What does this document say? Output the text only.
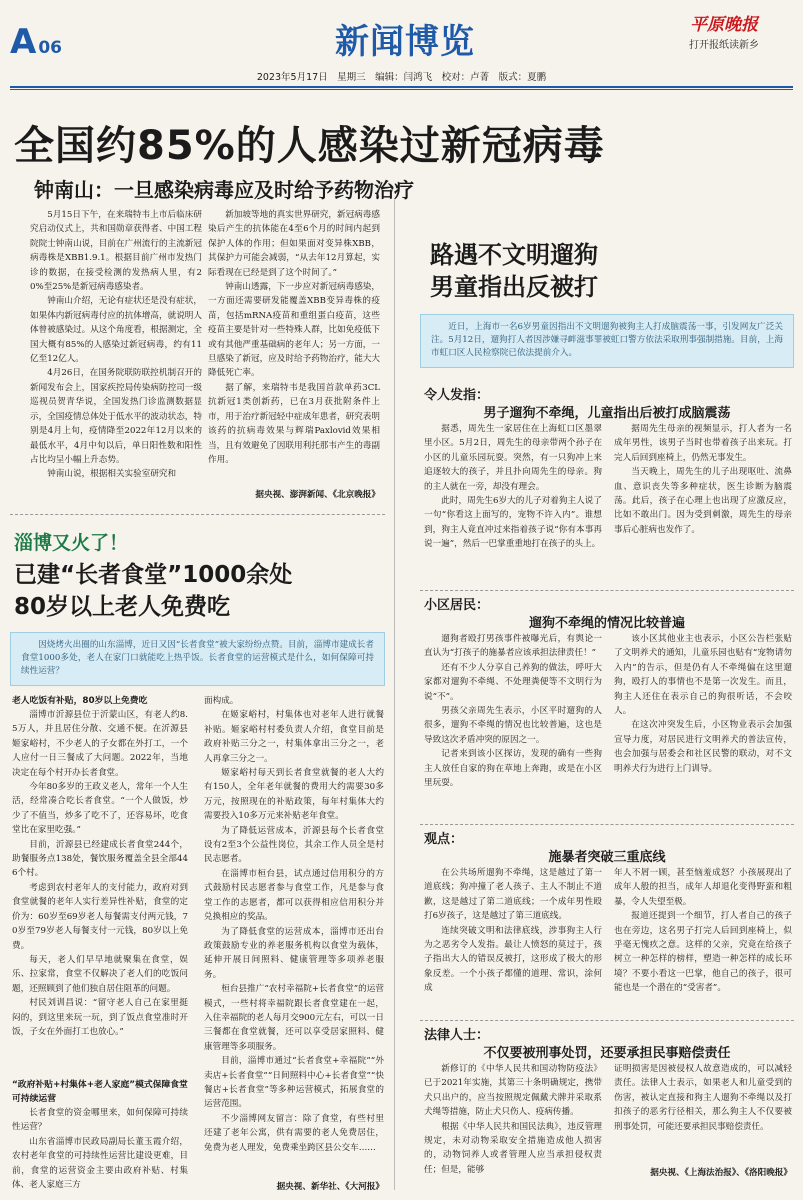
A 06	新闻博览	平原晚报
打开报纸读新乡
2023年5月17日　星期三　编辑：闫鸿飞　校对：卢菁　版式：夏鹏
全国约85%的人感染过新冠病毒
钟南山：一旦感染病毒应及时给予药物治疗

5月15日下午，在来瑞特韦上市后临床研究启动仪式上，共和国勋章获得者、中国工程院院士钟南山说，目前在广州流行的主流新冠病毒株是XBB1.9.1。根据目前广州市发热门诊的数据，在接受检测的发热病人里，有20%至25%是新冠病毒感染者。

钟南山介绍，无论有症状还是没有症状，如果体内新冠病毒付应的抗体增高，就说明人体曾被感染过。从这个角度看，根据测定，全国大概有85%的人感染过新冠病毒，约有11亿至12亿人。

4月26日，在国务院联防联控机制召开的新闻发布会上，国家疾控局传染病防控司一级巡视员贺青华说，全国发热门诊监测数据显示，全国疫情总体处于低水平的波动状态，特别是4月上旬，疫情降至2022年12月以来的最低水平，4月中旬以后，单日阳性数和阳性占比均呈小幅上升态势。

钟南山说，根据相关实验室研究和

新加坡等地的真实世界研究，新冠病毒感染后产生的抗体能在4至6个月的时间内起到保护人体的作用；但如果面对变异株XBB，其保护力可能会减弱，“从去年12月算起，实际看现在已经是到了这个时间了。”

钟南山透露，下一步应对新冠病毒感染，一方面还需要研发能覆盖XBB变异毒株的疫苗，包括mRNA疫苗和重组蛋白疫苗，这些疫苗主要是针对一些特殊人群，比如免疫低下或有其他严重基础病的老年人；另一方面，一旦感染了新冠，应及时给予药物治疗，能大大降低死亡率。

据了解，来瑞特韦是我国首款单药3CL抗新冠1类创新药，已在3月获批附条件上市，用于治疗新冠轻中症成年患者，研究表明该药的抗病毒效果与辉瑞Paxlovid效果相当，且有效避免了因联用利托那韦产生的毒副作用。

据央视、澎湃新闻、《北京晚报》
淄博又火了！
已建“长者食堂”1000余处
80岁以上老人免费吃
因烧烤火出圈的山东淄博，近日又因“长者食堂”被大家纷纷点赞。目前，淄博市建成长者食堂1000多处，老人在家门口就能吃上热乎饭。长者食堂的运营模式是什么，如何保障可持续性运营？
老人吃饭有补贴，80岁以上免费吃

淄博市沂源县位于沂蒙山区，有老人约8.5万人，并且居住分散、交通不便。在沂源县姬家峪村，不少老人的子女都在外打工，一个人应付一日三餐成了大问题。2022年，当地决定在每个村开办长者食堂。

今年80多岁的王政义老人，常年一个人生活，经常凑合吃长者食堂。“一个人做饭，炒少了不值当，炒多了吃不了，还容易坏，吃食堂比在家里吃强。”

目前，沂源县已经建成长者食堂244个，助餐服务点138处，餐饮服务覆盖全县全部446个村。

考虑到农村老年人的支付能力，政府对到食堂就餐的老年人实行差异性补贴，食堂的定价为：60岁至69岁老人每餐需支付两元钱，70岁至79岁老人每餐支付一元钱，80岁以上免费。

每天，老人们早早地就聚集在食堂，娱乐、拉家常，食堂不仅解决了老人们的吃饭问题，还照顾到了他们独自居住阻革的问题。

村民刘训昌说：“留守老人自己在家里挺闷的，到这里来玩一玩，到了饭点食堂准时开饭，子女在外面打工也放心。”

“政府补贴+村集体+老人家庭”模式保障食堂可持续运营

长者食堂的资金哪里来，如何保障可持续性运营？

山东省淄博市民政局副局长董玉霞介绍，农村老年食堂的可持续性运营比建设更难，目前，食堂的运营资金主要由政府补贴、村集体、老人家庭三方

面构成。

在姬家峪村，村集体也对老年人进行就餐补贴。姬家峪村村委负责人介绍，食堂目前是政府补贴三分之一，村集体拿出三分之一，老人再拿三分之一。

姬家峪村每天到长者食堂就餐的老人大约有150人，全年老年就餐的费用大约需要30多万元，按照现在的补贴政策，每年村集体大约需要投入10多万元来补贴老年食堂。

为了降低运营成本，沂源县每个长者食堂设有2至3个公益性岗位，其余工作人员全是村民志愿者。

在淄博市桓台县，试点通过信用积分的方式鼓励村民志愿者参与食堂工作，凡是参与食堂工作的志愿者，都可以获得相应信用积分并兑换相应的奖品。

为了降低食堂的运营成本，淄博市还出台政策鼓励专业的养老服务机构以食堂为载体，延伸开展日间照料、健康管理等多项养老服务。

桓台县推广“农村幸福院+长者食堂”的运营模式，一些村将幸福院跟长者食堂建在一起，入住幸福院的老人每月交900元左右，可以一日三餐都在食堂就餐，还可以享受居家照料、健康管理等多项服务。

目前，淄博市通过“长者食堂+幸福院”“外卖店+长者食堂”“日间照料中心+长者食堂”“快餐店+长者食堂”等多种运营模式，拓展食堂的运营范围。

不少淄博网友留言：除了食堂，有些村里还建了老年公寓，供有需要的老人免费居住，免费为老人理发，免费乘坐跨区县公交车……

据央视、新华社、《大河报》
路遇不文明遛狗
男童指出反被打
近日，上海市一名6岁男童因指出不文明遛狗被狗主人打成脑震荡一事，引发网友广泛关注。5月12日，遛狗打人者因涉嫌寻衅滋事罪被虹口警方依法采取刑事强制措施。目前，上海市虹口区人民检察院已依法提前介入。
令人发指：
男子遛狗不牵绳，儿童指出后被打成脑震荡

据悉，周先生一家居住在上海虹口区墨翠里小区。5月2日，周先生的母亲带两个孙子在小区的儿童乐园玩耍。突然，有一只狗冲上来追逐较大的孩子，并且扑向周先生的母亲。狗的主人就在一旁，却没有理会。

此时，周先生6岁大的儿子对着狗主人说了一句“你看这上面写的，宠物不许入内”。谁想到，狗主人竟直冲过来指着孩子说“你有本事再说一遍”，然后一巴掌重重地打在孩子的头上。

据周先生母亲的视频显示，打人者为一名成年男性，该男子当时也带着孩子出来玩。打完人后回到座椅上，仍然无事发生。

当天晚上，周先生的儿子出现呕吐、流鼻血、意识丧失等多种症状，医生诊断为脑震荡。此后，孩子在心理上也出现了应激反应，比如不敢出门。因为受到刺激，周先生的母亲事后心脏病也发作了。

小区居民：
遛狗不牵绳的情况比较普遍

遛狗者殴打男孩事件被曝光后，有舆论一直认为“打孩子的施暴者应该承担法律责任！”

还有不少人分享自己养狗的做法，呼吁大家都对遛狗不牵绳、不处理粪便等不文明行为说“不”。

男孩父亲周先生表示，小区平时遛狗的人很多，遛狗不牵绳的情况也比较普遍，这也是导致这次矛盾冲突的原因之一。

记者来到该小区探访，发现的确有一些狗主人放任自家的狗在草地上奔跑，或是在小区里玩耍。

该小区其他业主也表示，小区公告栏张贴了文明养犬的通知，儿童乐园也贴有“宠物请勿入内”的告示，但是仍有人不牵绳偏在这里遛狗，殴打人的事情也不是第一次发生。而且，狗主人还住在表示自己的狗很听话，不会咬人。

在这次冲突发生后，小区物业表示会加强宣导力度，对居民进行文明养犬的普法宣传，也会加强与居委会和社区民警的联动，对不文明养犬行为进行上门训导。

观点：
施暴者突破三重底线

在公共场所遛狗不牵绳，这是越过了第一道底线；狗冲撞了老人孩子、主人不制止不道歉，这是越过了第二道底线；一个成年男性殴打6岁孩子，这是越过了第三道底线。

连续突破文明和法律底线，涉事狗主人行为之恶劣令人发指。最让人愤怒的莫过于，孩子指出大人的错误反被打，这形成了极大的形象反差。一个小孩子都懂的道理、常识，涂何成

年人不屑一顾，甚至恼羞成怒？小孩展现出了成年人般的担当，成年人却退化变得野蛮和粗暴，令人失望至极。

报道还提到一个细节，打人者自己的孩子也在旁边，这名男子打完人后回到座椅上，似乎毫无愧疚之意。这样的父亲，究竟在给孩子树立一种怎样的榜样，塑造一种怎样的成长环境？不要小看这一巴掌，他自己的孩子，很可能也是一个潜在的“受害者”。

法律人士：
不仅要被刑事处罚，还要承担民事赔偿责任

新修订的《中华人民共和国动物防疫法》已于2021年实施，其第三十条明确规定，携带犬只出户的，应当按照规定佩戴犬牌并采取系犬绳等措施，防止犬只伤人、疫病传播。

根据《中华人民共和国民法典》，违反管理规定，未对动物采取安全措施造成他人损害的，动物饲养人或者管理人应当承担侵权责任；但是，能够

证明损害是因被侵权人故意造成的，可以减轻责任。法律人士表示，如果老人和儿童受到的伤害，被认定直接和狗主人遛狗不牵绳以及打扣孩子的恶劣行径相关，那么狗主人不仅要被刑事处罚，可能还要承担民事赔偿责任。

据央视、《上海法治报》、《洛阳晚报》
